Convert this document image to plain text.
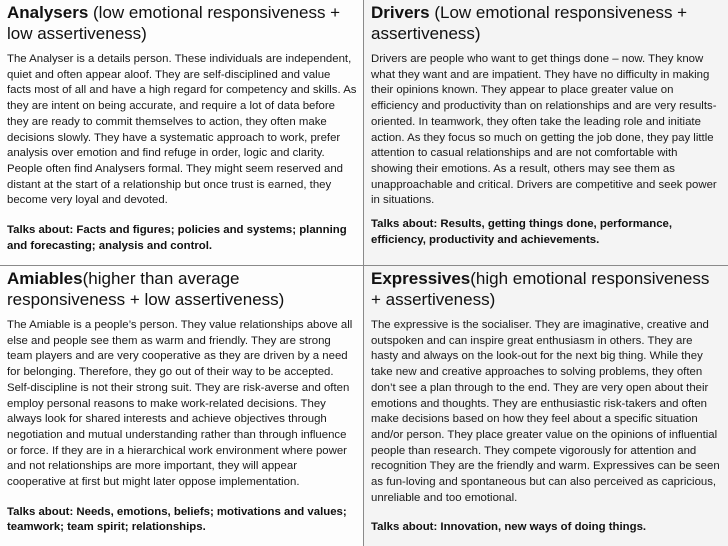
Analysers (low emotional responsiveness + low assertiveness)

The Analyser is a details person. These individuals are independent, quiet and often appear aloof. They are self-disciplined and value facts most of all and have a high regard for competency and skills. As they are intent on being accurate, and require a lot of data before they are ready to commit themselves to action, they often make decisions slowly. They have a systematic approach to work, prefer analysis over emotion and find refuge in order, logic and clarity. People often find Analysers formal. They might seem reserved and distant at the start of a relationship but once trust is earned, they become very loyal and devoted.

Talks about: Facts and figures; policies and systems; planning and forecasting; analysis and control.

Drivers (Low emotional responsiveness + assertiveness)

Drivers are people who want to get things done – now. They know what they want and are impatient. They have no difficulty in making their opinions known. They appear to place greater value on efficiency and productivity than on relationships and are very results-oriented. In teamwork, they often take the leading role and initiate action. As they focus so much on getting the job done, they pay little attention to casual relationships and are not comfortable with showing their emotions. As a result, others may see them as unapproachable and critical. Drivers are competitive and seek power in situations.

Talks about: Results, getting things done, performance, efficiency, productivity and achievements.

Amiables(higher than average responsiveness + low assertiveness)

The Amiable is a people’s person. They value relationships above all else and people see them as warm and friendly. They are strong team players and are very cooperative as they are driven by a need for belonging. Therefore, they go out of their way to be accepted. Self-discipline is not their strong suit. They are risk-averse and often employ personal reasons to make work-related decisions. They always look for shared interests and achieve objectives through negotiation and mutual understanding rather than through influence or force. If they are in a hierarchical work environment where power and not relationships are more important, they will appear cooperative at first but might later oppose implementation.

Talks about: Needs, emotions, beliefs; motivations and values; teamwork; team spirit; relationships.

Expressives(high emotional responsiveness + assertiveness)

The expressive is the socialiser. They are imaginative, creative and outspoken and can inspire great enthusiasm in others. They are hasty and always on the look-out for the next big thing. While they take new and creative approaches to solving problems, they often don’t see a plan through to the end. They are very open about their emotions and thoughts. They are enthusiastic risk-takers and often make decisions based on how they feel about a specific situation and/or person. They place greater value on the opinions of influential people than research. They compete vigorously for attention and recognition They are the friendly and warm. Expressives can be seen as fun-loving and spontaneous but can also perceived as capricious, unreliable and too emotional.

Talks about: Innovation, new ways of doing things.
